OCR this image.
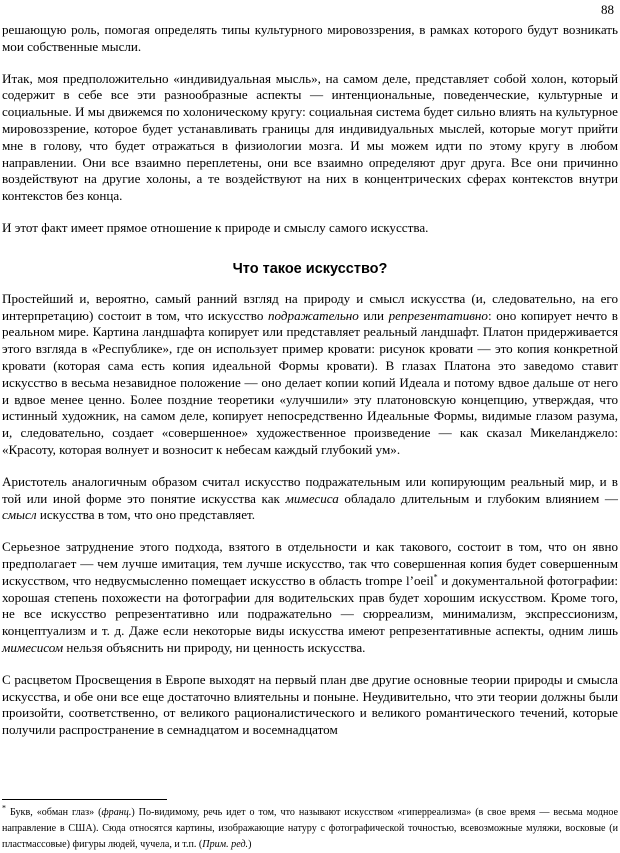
88

решающую роль, помогая определять типы культурного мировоззрения, в рамках которого будут возникать мои собственные мысли.

Итак, моя предположительно «индивидуальная мысль», на самом деле, представляет собой холон, который содержит в себе все эти разнообразные аспекты — интенциональные, поведенческие, культурные и социальные. И мы движемся по холоническому кругу: социальная система будет сильно влиять на культурное мировоззрение, которое будет устанавливать границы для индивидуальных мыслей, которые могут прийти мне в голову, что будет отражаться в физиологии мозга. И мы можем идти по этому кругу в любом направлении. Они все взаимно переплетены, они все взаимно определяют друг друга. Все они причинно воздействуют на другие холоны, а те воздействуют на них в концентрических сферах контекстов внутри контекстов без конца.

И этот факт имеет прямое отношение к природе и смыслу самого искусства.

Что такое искусство?

Простейший и, вероятно, самый ранний взгляд на природу и смысл искусства (и, следовательно, на его интерпретацию) состоит в том, что искусство подражательно или репрезентативно: оно копирует нечто в реальном мире. Картина ландшафта копирует или представляет реальный ландшафт. Платон придерживается этого взгляда в «Республике», где он использует пример кровати: рисунок кровати — это копия конкретной кровати (которая сама есть копия идеальной Формы кровати). В глазах Платона это заведомо ставит искусство в весьма незавидное положение — оно делает копии копий Идеала и потому вдвое дальше от него и вдвое менее ценно. Более поздние теоретики «улучшили» эту платоновскую концепцию, утверждая, что истинный художник, на самом деле, копирует непосредственно Идеальные Формы, видимые глазом разума, и, следовательно, создает «совершенное» художественное произведение — как сказал Микеланджело: «Красоту, которая волнует и возносит к небесам каждый глубокий ум».

Аристотель аналогичным образом считал искусство подражательным или копирующим реальный мир, и в той или иной форме это понятие искусства как мимесиса обладало длительным и глубоким влиянием — смысл искусства в том, что оно представляет.

Серьезное затруднение этого подхода, взятого в отдельности и как такового, состоит в том, что он явно предполагает — чем лучше имитация, тем лучше искусство, так что совершенная копия будет совершенным искусством, что недвусмысленно помещает искусство в область trompe l’oeil* и документальной фотографии: хорошая степень похожести на фотографии для водительских прав будет хорошим искусством. Кроме того, не все искусство репрезентативно или подражательно — сюрреализм, минимализм, экспрессионизм, концептуализм и т. д. Даже если некоторые виды искусства имеют репрезентативные аспекты, одним лишь мимесисом нельзя объяснить ни природу, ни ценность искусства.

С расцветом Просвещения в Европе выходят на первый план две другие основные теории природы и смысла искусства, и обе они все еще достаточно влиятельны и поныне. Неудивительно, что эти теории должны были произойти, соответственно, от великого рационалистического и великого романтического течений, которые получили распространение в семнадцатом и восемнадцатом

* Букв, «обман глаз» (франц.) По-видимому, речь идет о том, что называют искусством «гиперреализма» (в свое время — весьма модное направление в США). Сюда относятся картины, изображающие натуру с фотографической точностью, всевозможные муляжи, восковые (и пластмассовые) фигуры людей, чучела, и т.п. (Прим. ред.)
